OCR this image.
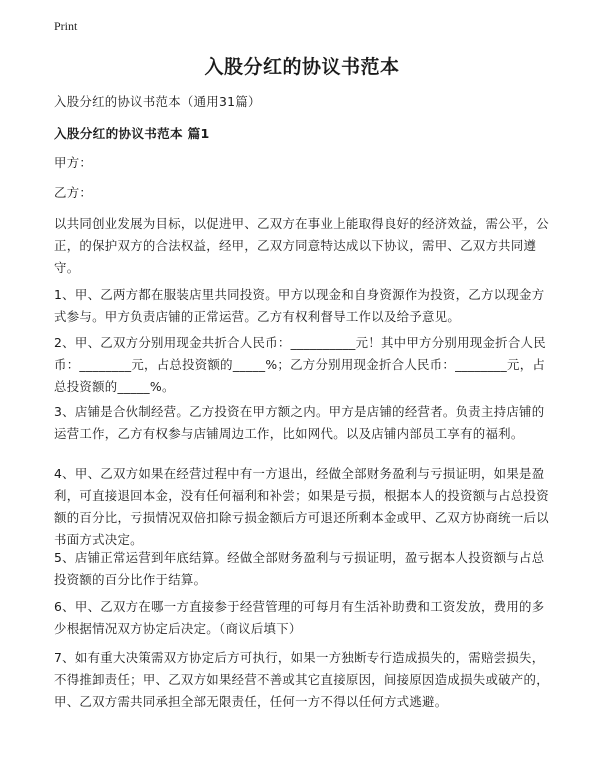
Print
入股分红的协议书范本

入股分红的协议书范本（通用31篇）

入股分红的协议书范本 篇1

甲方：

乙方：

以共同创业发展为目标，以促进甲、乙双方在事业上能取得良好的经济效益，需公平，公正，的保护双方的合法权益，经甲，乙双方同意特达成以下协议，需甲、乙双方共同遵守。

1、甲、乙两方都在服装店里共同投资。甲方以现金和自身资源作为投资，乙方以现金方式参与。甲方负责店铺的正常运营。乙方有权利督导工作以及给予意见。

2、甲、乙双方分别用现金共折合人民币：__________元！其中甲方分别用现金折合人民币：________元，占总投资额的_____%；乙方分别用现金折合人民币：________元，占总投资额的_____%。

3、店铺是合伙制经营。乙方投资在甲方额之内。甲方是店铺的经营者。负责主持店铺的运营工作，乙方有权参与店铺周边工作，比如网代。以及店铺内部员工享有的福利。

4、甲、乙双方如果在经营过程中有一方退出，经做全部财务盈利与亏损证明，如果是盈利，可直接退回本金，没有任何福利和补尝；如果是亏损，根据本人的投资额与占总投资额的百分比，亏损情况双倍扣除亏损金额后方可退还所剩本金或甲、乙双方协商统一后以书面方式决定。

5、店铺正常运营到年底结算。经做全部财务盈利与亏损证明，盈亏据本人投资额与占总投资额的百分比作于结算。

6、甲、乙双方在哪一方直接参于经营管理的可每月有生活补助费和工资发放，费用的多少根据情况双方协定后决定。（商议后填下）

7、如有重大决策需双方协定后方可执行，如果一方独断专行造成损失的，需赔尝损失，不得推卸责任；甲、乙双方如果经营不善或其它直接原因，间接原因造成损失或破产的，甲、乙双方需共同承担全部无限责任，任何一方不得以任何方式逃避。
